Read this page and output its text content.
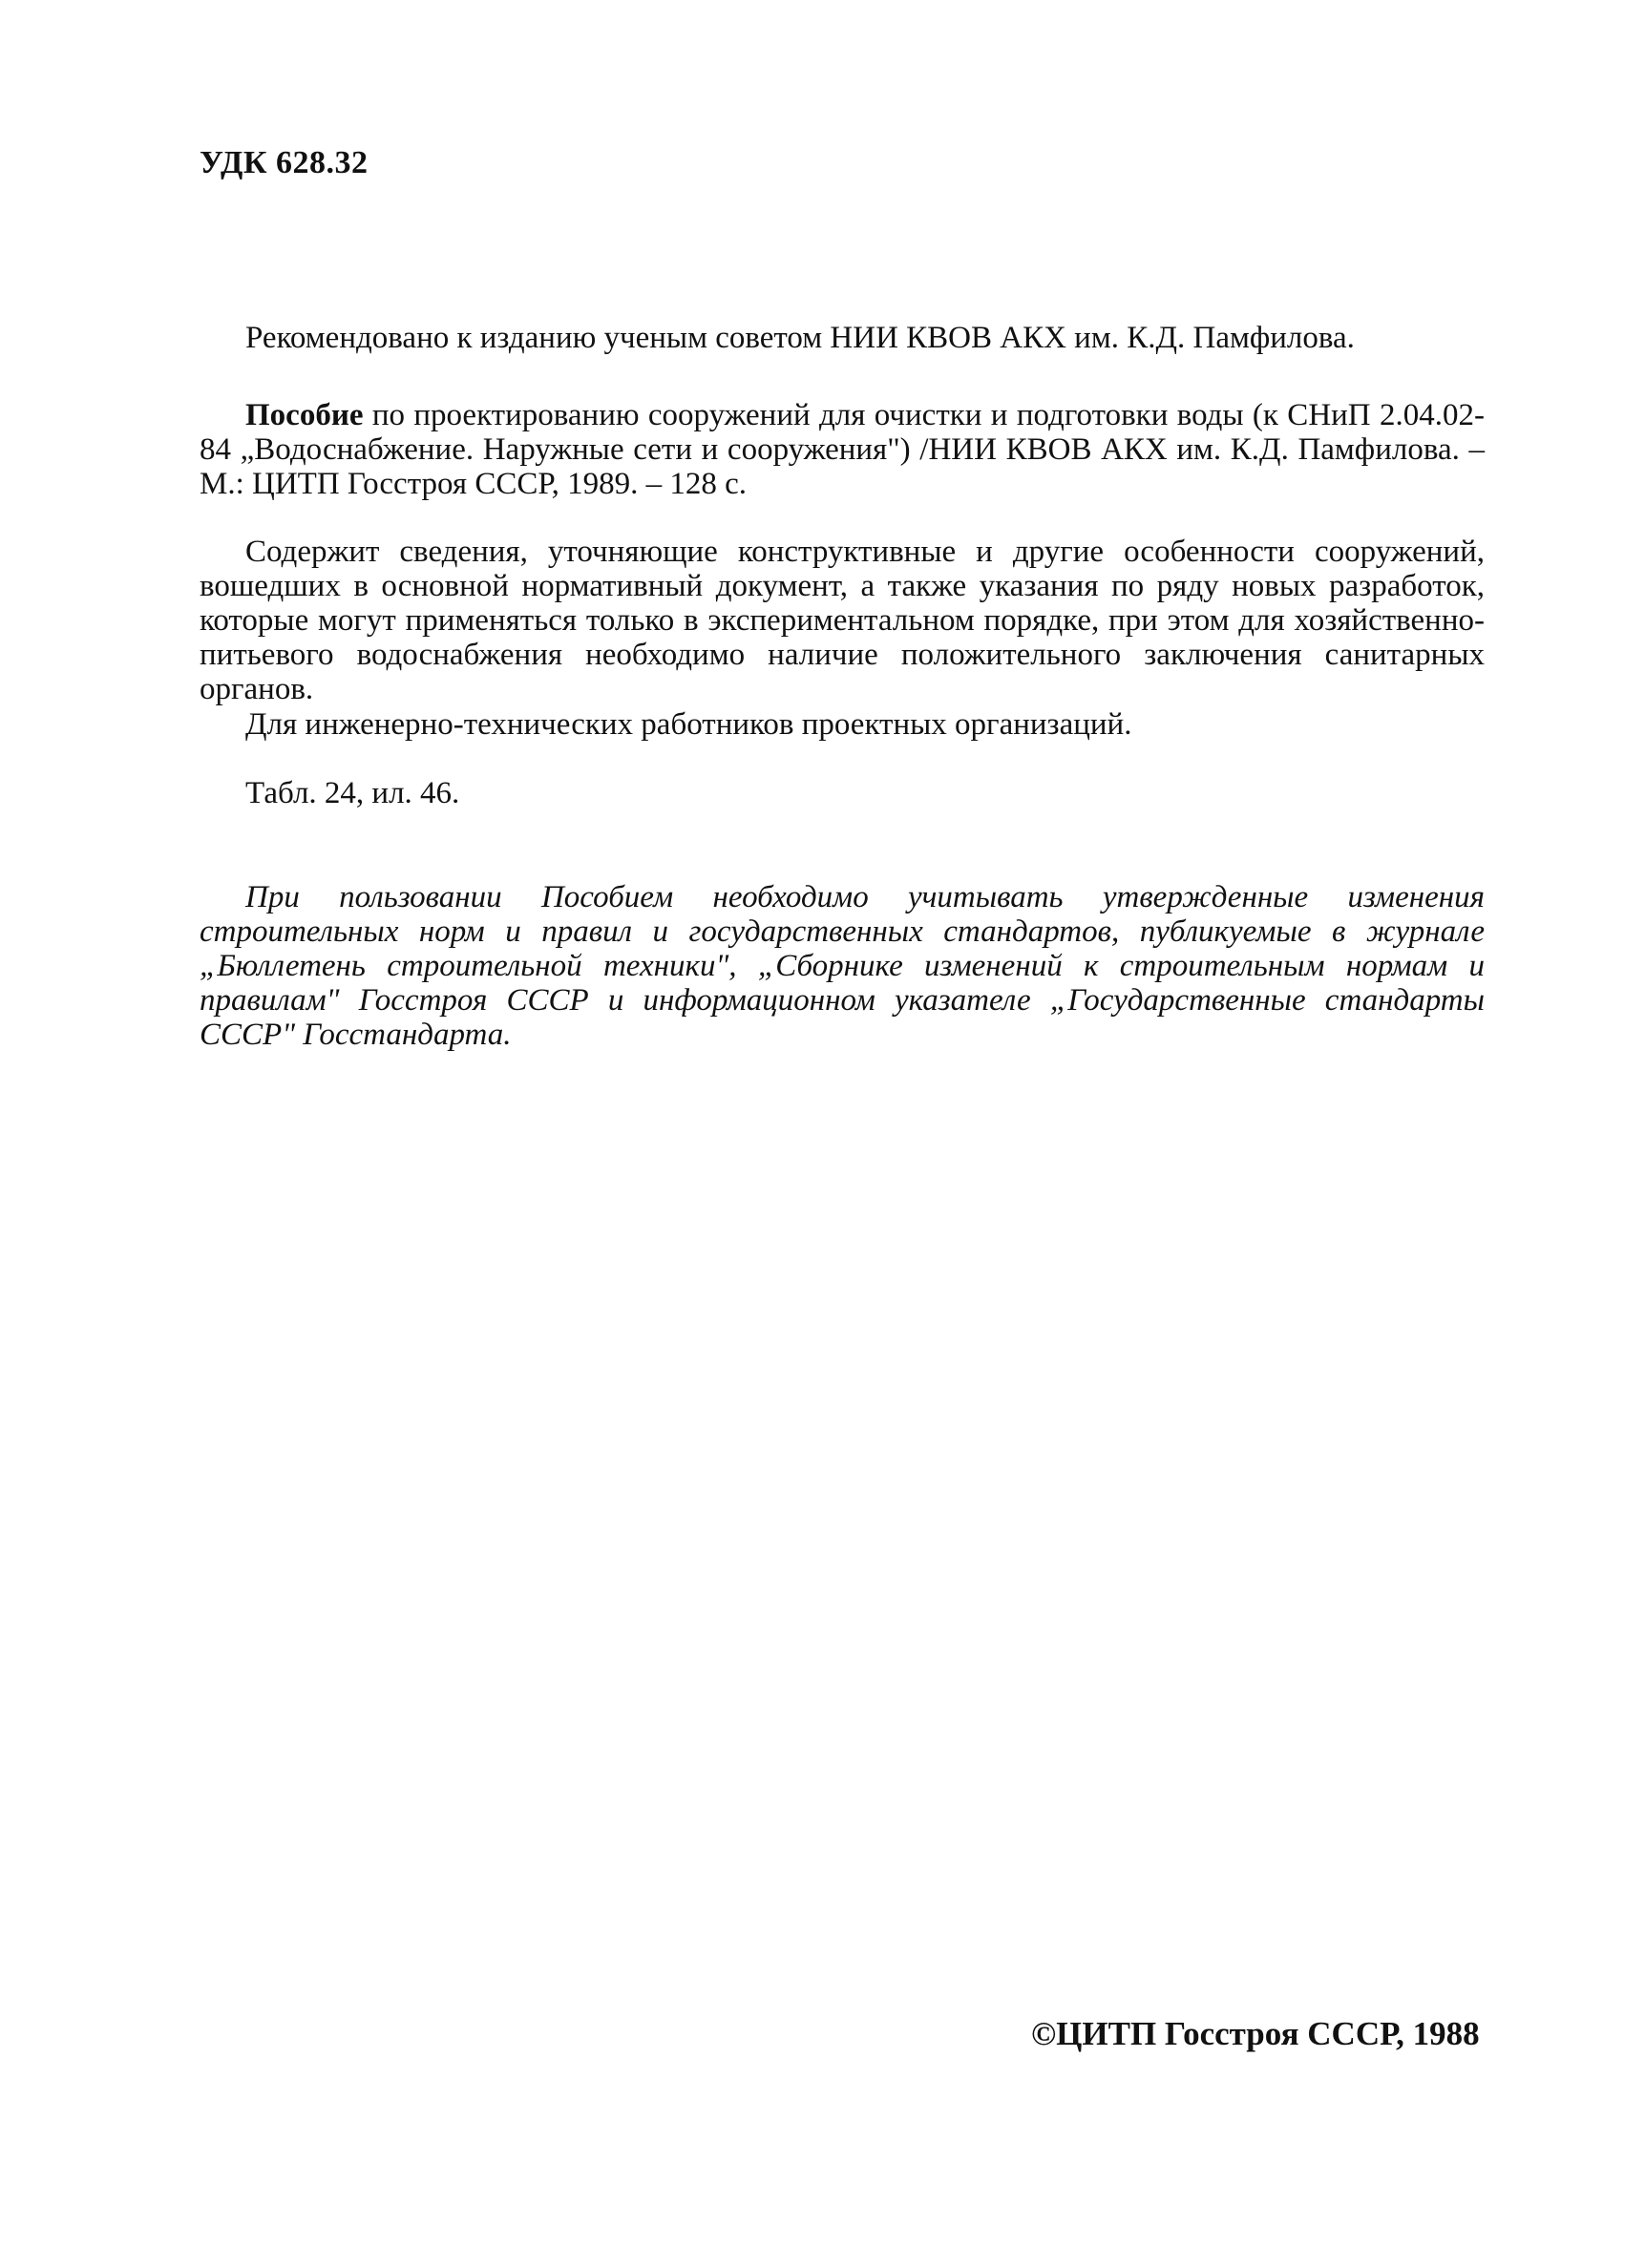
УДК 628.32
Рекомендовано к изданию ученым советом НИИ КВОВ АКХ им. К.Д. Памфилова.
Пособие по проектированию сооружений для очистки и подготовки воды (к СНиП 2.04.02-84 „Водоснабжение. Наружные сети и сооружения") /НИИ КВОВ АКХ им. К.Д. Памфилова. – М.: ЦИТП Госстроя СССР, 1989. – 128 с.
Содержит сведения, уточняющие конструктивные и другие особенности сооружений, вошедших в основной нормативный документ, а также указания по ряду новых разработок, которые могут применяться только в экспериментальном порядке, при этом для хозяйственно-питьевого водоснабжения необходимо наличие положительного заключения санитарных органов.
Для инженерно-технических работников проектных организаций.
Табл. 24, ил. 46.
При пользовании Пособием необходимо учитывать утвержденные изменения строительных норм и правил и государственных стандартов, публикуемые в журнале „Бюллетень строительной техники", „Сборнике изменений к строительным нормам и правилам" Госстроя СССР и информационном указателе „Государственные стандарты СССР" Госстандарта.
©ЦИТП Госстроя СССР, 1988
